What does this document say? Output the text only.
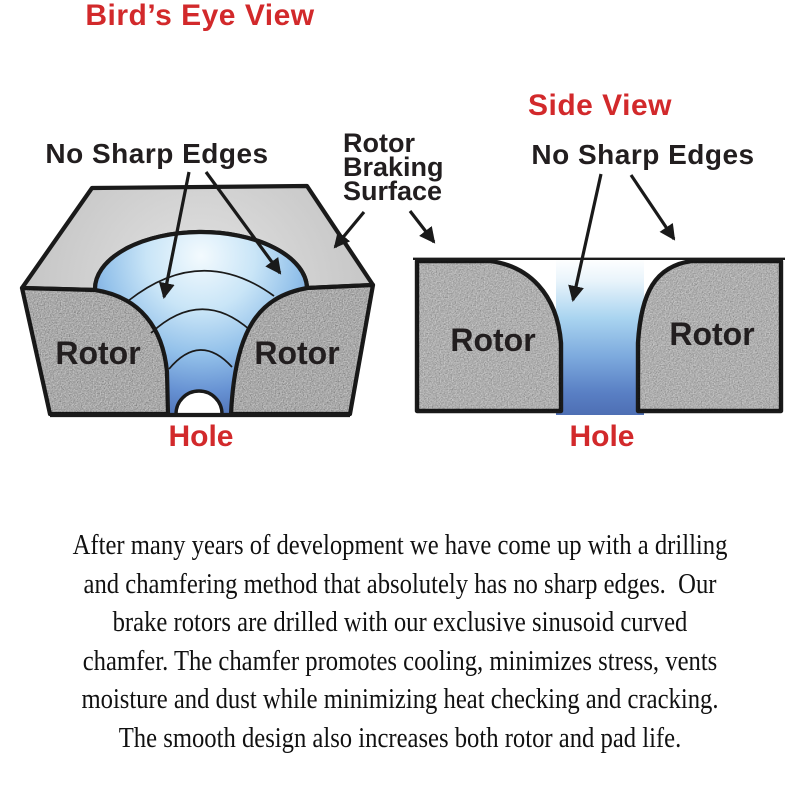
Bird’s Eye View
Side View
No Sharp Edges	No Sharp Edges
Rotor
Braking
Surface
Rotor	Rotor
Hole
Rotor	Rotor
Hole
After many years of development we have come up with a drilling
and chamfering method that absolutely has no sharp edges.  Our
brake rotors are drilled with our exclusive sinusoid curved
chamfer. The chamfer promotes cooling, minimizes stress, vents
moisture and dust while minimizing heat checking and cracking.
The smooth design also increases both rotor and pad life.
